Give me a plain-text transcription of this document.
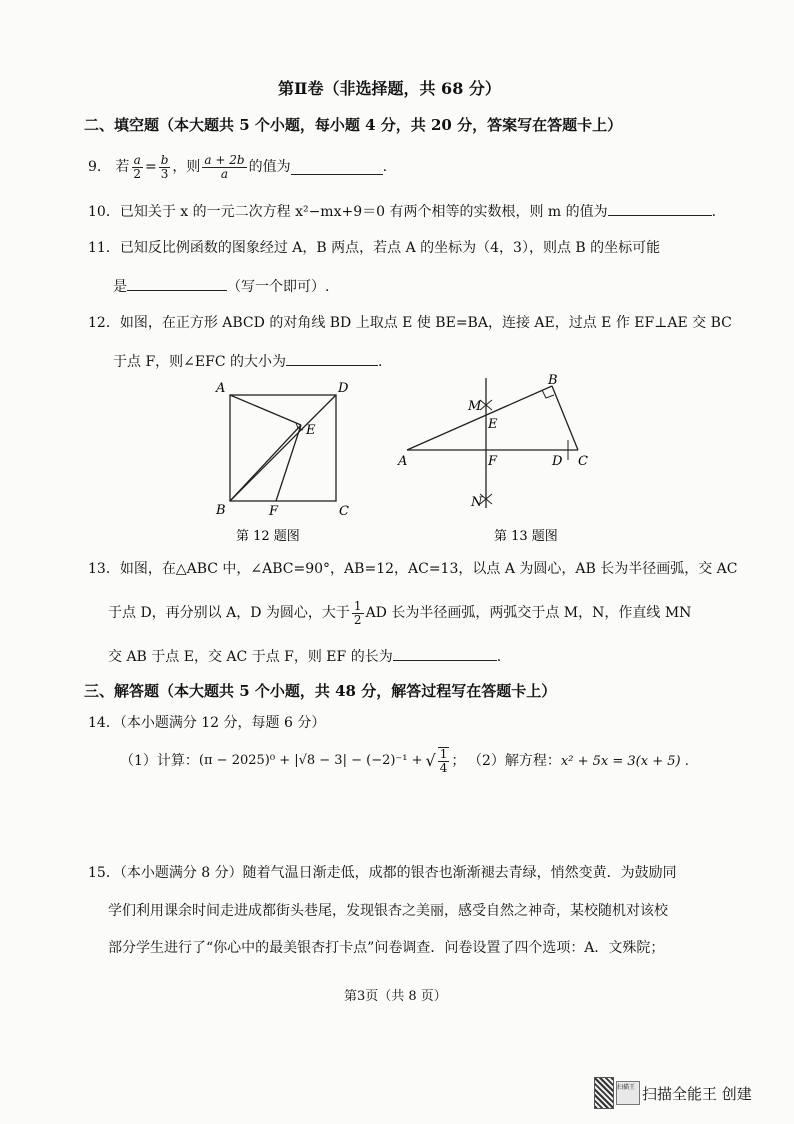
第Ⅱ卷（非选择题，共 68 分）
二、填空题（本大题共 5 个小题，每小题 4 分，共 20 分，答案写在答题卡上）
9. 若 $\frac{a}{2} = \frac{b}{3}$ ，则 $\frac{a + 2b}{a}$ 的值为	.
10．已知关于 x 的一元二次方程 x²−mx+9＝0 有两个相等的实数根，则 m 的值为	.
11．已知反比例函数的图象经过 A，B 两点，若点 A 的坐标为（4，3），则点 B 的坐标可能
是	（写一个即可）.
12．如图，在正方形 ABCD 的对角线 BD 上取点 E 使 BE=BA，连接 AE，过点 E 作 EF⊥AE 交 BC
于点 F，则∠EFC 的大小为	.
A	D
B	C
E
F
第 12 题图
B
M
E
A	F	D C
N
第 13 题图
13．如图，在△ABC 中，∠ABC=90°，AB=12，AC=13，以点 A 为圆心，AB 长为半径画弧，交 AC
于点 D，再分别以 A，D 为圆心，大于 $\frac{1}{2}$ AD 长为半径画弧，两弧交于点 M，N，作直线 MN
交 AB 于点 E，交 AC 于点 F，则 EF 的长为	.
三、解答题（本大题共 5 个小题，共 48 分，解答过程写在答题卡上）
14．（本小题满分 12 分，每题 6 分）
（1）计算： (π − 2025)⁰ + |√8 − 3| − (−2)⁻¹ + √ $\frac{1}{4}$ ； （2）解方程：x² + 5x = 3(x + 5) .
15．（本小题满分 8 分）随着气温日渐走低，成都的银杏也渐渐褪去青绿，悄然变黄．为鼓励同
学们利用课余时间走进成都街头巷尾，发现银杏之美丽，感受自然之神奇，某校随机对该校
部分学生进行了“你心中的最美银杏打卡点”问卷调查．问卷设置了四个选项：A．文殊院；
第3页（共 8 页）
扫描王 扫描全能王 创建
